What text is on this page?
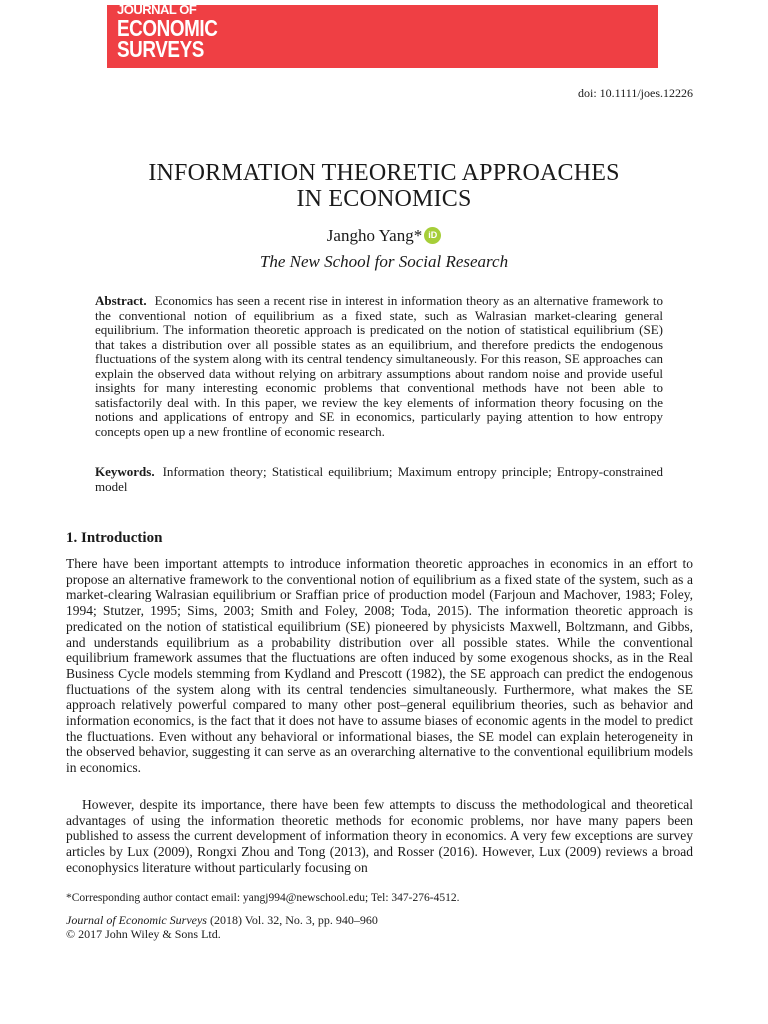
JOURNAL OF
ECONOMIC
SURVEYS
doi: 10.1111/joes.12226
INFORMATION THEORETIC APPROACHES
IN ECONOMICS
Jangho Yang* iD
The New School for Social Research
Abstract. Economics has seen a recent rise in interest in information theory as an alternative framework to the conventional notion of equilibrium as a fixed state, such as Walrasian market-clearing general equilibrium. The information theoretic approach is predicated on the notion of statistical equilibrium (SE) that takes a distribution over all possible states as an equilibrium, and therefore predicts the endogenous fluctuations of the system along with its central tendency simultaneously. For this reason, SE approaches can explain the observed data without relying on arbitrary assumptions about random noise and provide useful insights for many interesting economic problems that conventional methods have not been able to satisfactorily deal with. In this paper, we review the key elements of information theory focusing on the notions and applications of entropy and SE in economics, particularly paying attention to how entropy concepts open up a new frontline of economic research.
Keywords. Information theory; Statistical equilibrium; Maximum entropy principle; Entropy-constrained model
1. Introduction
There have been important attempts to introduce information theoretic approaches in economics in an effort to propose an alternative framework to the conventional notion of equilibrium as a fixed state of the system, such as a market-clearing Walrasian equilibrium or Sraffian price of production model (Farjoun and Machover, 1983; Foley, 1994; Stutzer, 1995; Sims, 2003; Smith and Foley, 2008; Toda, 2015). The information theoretic approach is predicated on the notion of statistical equilibrium (SE) pioneered by physicists Maxwell, Boltzmann, and Gibbs, and understands equilibrium as a probability distribution over all possible states. While the conventional equilibrium framework assumes that the fluctuations are often induced by some exogenous shocks, as in the Real Business Cycle models stemming from Kydland and Prescott (1982), the SE approach can predict the endogenous fluctuations of the system along with its central tendencies simultaneously. Furthermore, what makes the SE approach relatively powerful compared to many other post–general equilibrium theories, such as behavior and information economics, is the fact that it does not have to assume biases of economic agents in the model to predict the fluctuations. Even without any behavioral or informational biases, the SE model can explain heterogeneity in the observed behavior, suggesting it can serve as an overarching alternative to the conventional equilibrium models in economics.
However, despite its importance, there have been few attempts to discuss the methodological and theoretical advantages of using the information theoretic methods for economic problems, nor have many papers been published to assess the current development of information theory in economics. A very few exceptions are survey articles by Lux (2009), Rongxi Zhou and Tong (2013), and Rosser (2016). However, Lux (2009) reviews a broad econophysics literature without particularly focusing on
*Corresponding author contact email: yangj994@newschool.edu; Tel: 347-276-4512.
Journal of Economic Surveys (2018) Vol. 32, No. 3, pp. 940–960
© 2017 John Wiley & Sons Ltd.
